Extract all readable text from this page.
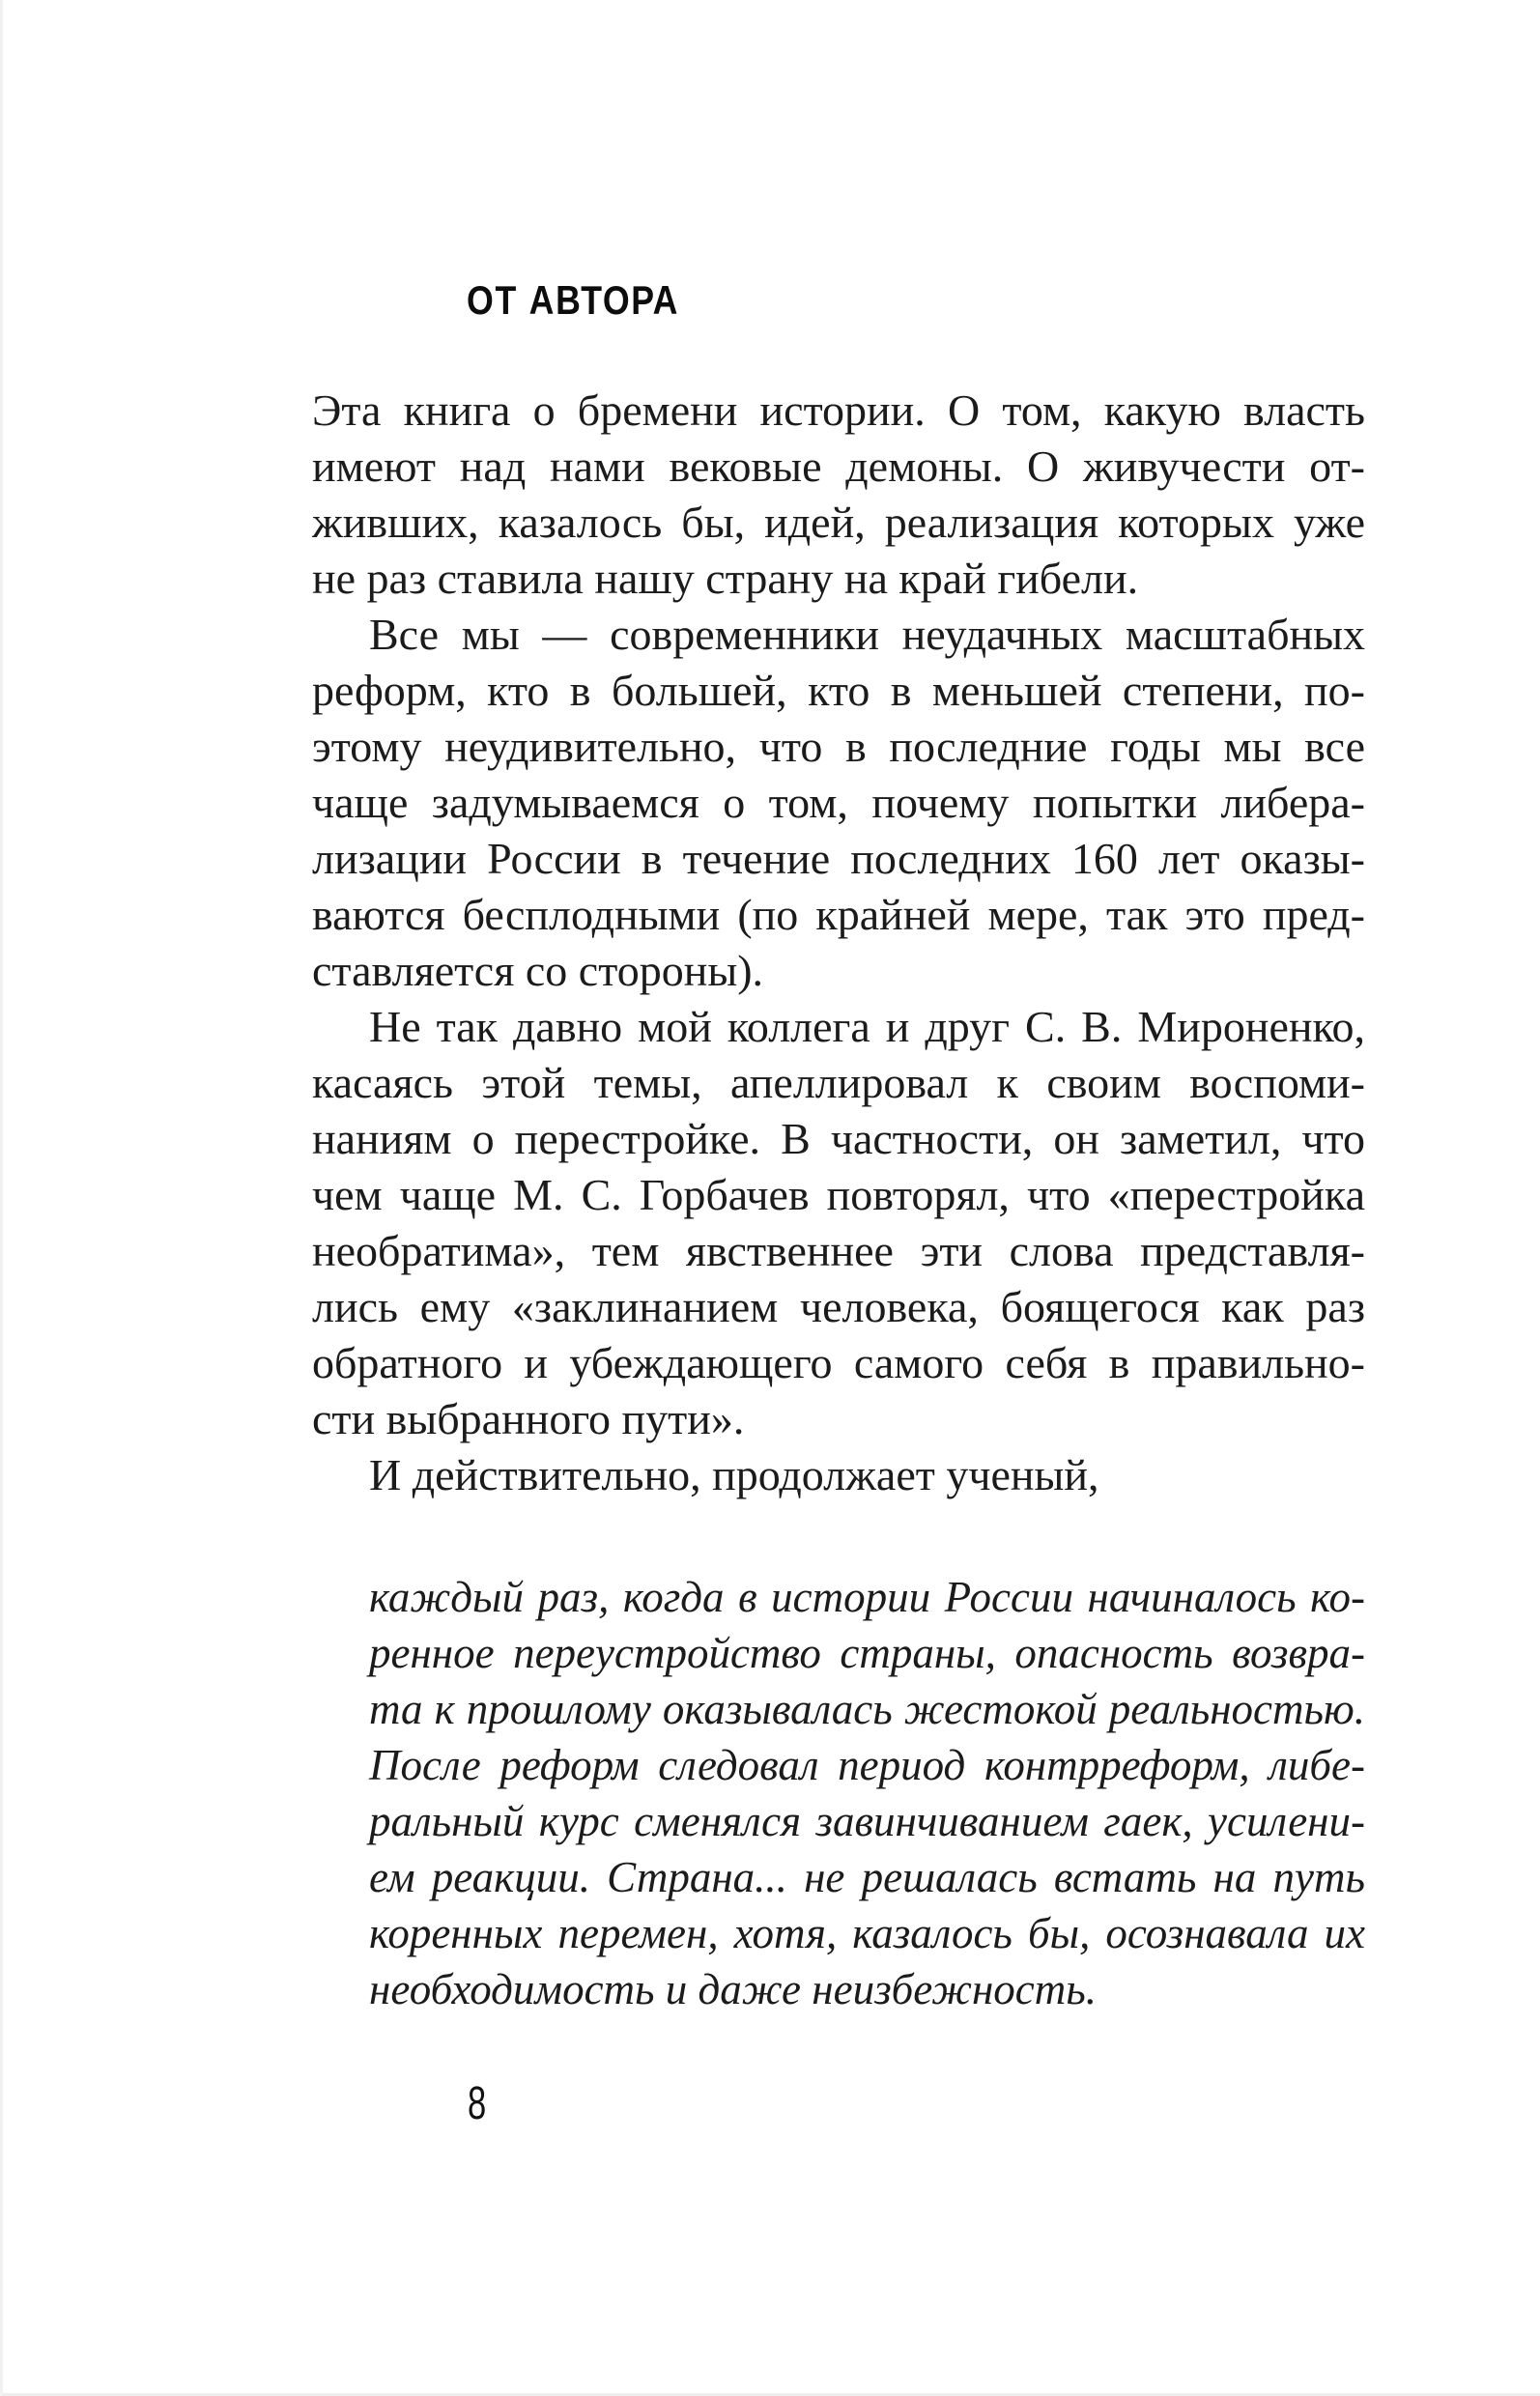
ОТ АВТОРА
Эта книга о бремени истории. О том, какую власть
имеют над нами вековые демоны. О живучести от-
живших, казалось бы, идей, реализация которых уже
не раз ставила нашу страну на край гибели.
Все мы — современники неудачных масштабных
реформ, кто в большей, кто в меньшей степени, по-
этому неудивительно, что в последние годы мы все
чаще задумываемся о том, почему попытки либера-
лизации России в течение последних 160 лет оказы-
ваются бесплодными (по крайней мере, так это пред-
ставляется со стороны).
Не так давно мой коллега и друг С. В. Мироненко,
касаясь этой темы, апеллировал к своим воспоми-
наниям о перестройке. В частности, он заметил, что
чем чаще М. С. Горбачев повторял, что «перестройка
необратима», тем явственнее эти слова представля-
лись ему «заклинанием человека, боящегося как раз
обратного и убеждающего самого себя в правильно-
сти выбранного пути».
И действительно, продолжает ученый,
каждый раз, когда в истории России начиналось ко-
ренное переустройство страны, опасность возвра-
та к прошлому оказывалась жестокой реальностью.
После реформ следовал период контрреформ, либе-
ральный курс сменялся завинчиванием гаек, усилени-
ем реакции. Страна... не решалась встать на путь
коренных перемен, хотя, казалось бы, осознавала их
необходимость и даже неизбежность.
8
